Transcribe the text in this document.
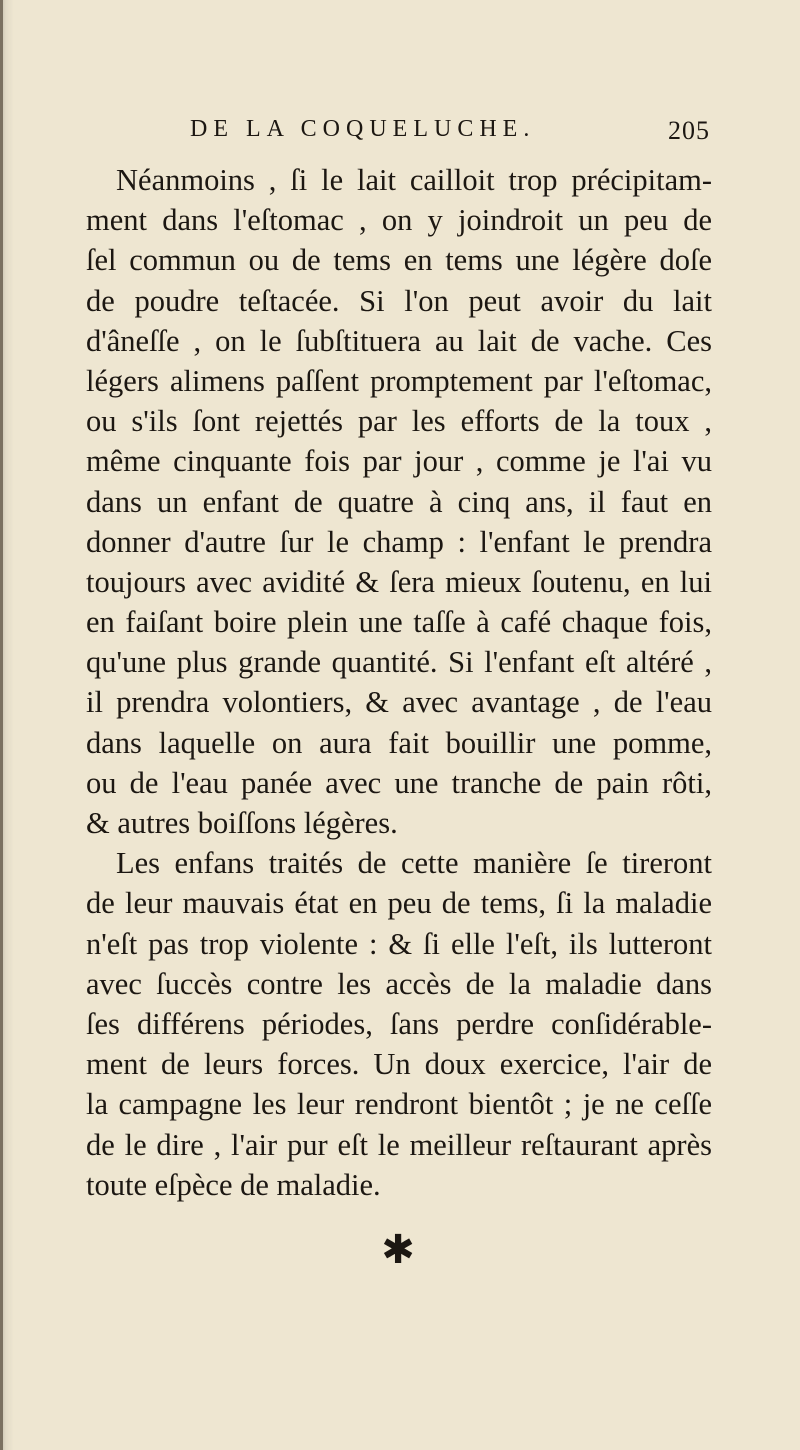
DE LA COQUELUCHE.	205
Néanmoins , ſi le lait cailloit trop précipitam-
ment dans l'eſtomac , on y joindroit un peu de
ſel commun ou de tems en tems une légère doſe
de poudre teſtacée. Si l'on peut avoir du lait
d'âneſſe , on le ſubſtituera au lait de vache. Ces
légers alimens paſſent promptement par l'eſtomac,
ou s'ils ſont rejettés par les efforts de la toux ,
même cinquante fois par jour , comme je l'ai vu
dans un enfant de quatre à cinq ans, il faut en
donner d'autre ſur le champ : l'enfant le prendra
toujours avec avidité & ſera mieux ſoutenu, en lui
en faiſant boire plein une taſſe à café chaque fois,
qu'une plus grande quantité. Si l'enfant eſt altéré ,
il prendra volontiers, & avec avantage , de l'eau
dans laquelle on aura fait bouillir une pomme,
ou de l'eau panée avec une tranche de pain rôti,
& autres boiſſons légères.
Les enfans traités de cette manière ſe tireront
de leur mauvais état en peu de tems, ſi la maladie
n'eſt pas trop violente : & ſi elle l'eſt, ils lutteront
avec ſuccès contre les accès de la maladie dans
ſes différens périodes, ſans perdre conſidérable-
ment de leurs forces. Un doux exercice, l'air de
la campagne les leur rendront bientôt ; je ne ceſſe
de le dire , l'air pur eſt le meilleur reſtaurant après
toute eſpèce de maladie.
✱
